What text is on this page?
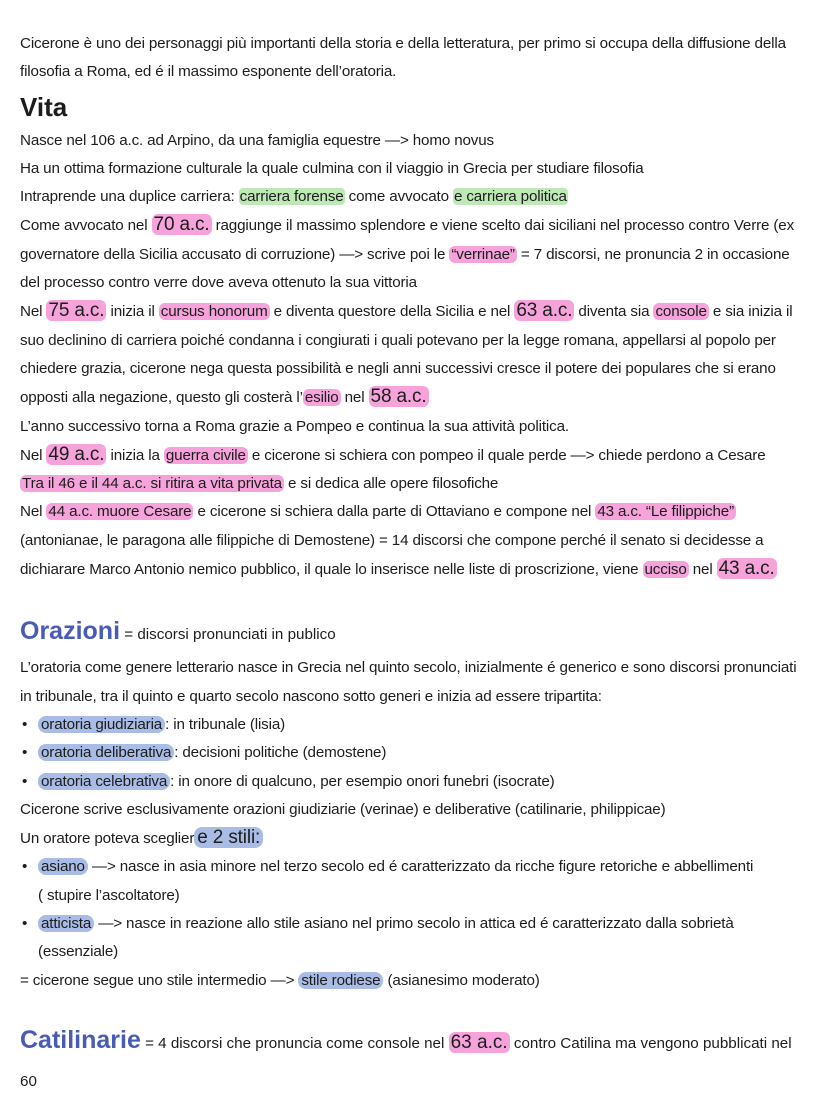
Cicerone è uno dei personaggi più importanti della storia e della letteratura, per primo si occupa della diffusione della filosofia a Roma, ed é il massimo esponente dell’oratoria.

Vita

Nasce nel 106 a.c. ad Arpino, da una famiglia equestre —> homo novus

Ha un ottima formazione culturale la quale culmina con il viaggio in Grecia per studiare filosofia

Intraprende una duplice carriera: carriera forense come avvocato e carriera politica

Come avvocato nel 70 a.c. raggiunge il massimo splendore e viene scelto dai siciliani nel processo contro Verre (ex governatore della Sicilia accusato di corruzione) —> scrive poi le “verrinae” = 7 discorsi, ne pronuncia 2 in occasione del processo contro verre dove aveva ottenuto la sua vittoria

Nel 75 a.c. inizia il cursus honorum e diventa questore della Sicilia e nel 63 a.c. diventa sia console e sia inizia il suo declinino di carriera poiché condanna i congiurati i quali potevano per la legge romana, appellarsi al popolo per chiedere grazia, cicerone nega questa possibilità e negli anni successivi cresce il potere dei populares che si erano opposti alla negazione, questo gli costerà l’ esilio nel 58 a.c.

L’anno successivo torna a Roma grazie a Pompeo e continua la sua attività politica.

Nel 49 a.c. inizia la guerra civile e cicerone si schiera con pompeo il quale perde —> chiede perdono a Cesare

Tra il 46 e il 44 a.c. si ritira a vita privata e si dedica alle opere filosofiche

Nel 44 a.c. muore Cesare e cicerone si schiera dalla parte di Ottaviano e compone nel 43 a.c. “Le filippiche” (antonianae, le paragona alle filippiche di Demostene) = 14 discorsi che compone perché il senato si decidesse a dichiarare Marco Antonio nemico pubblico, il quale lo inserisce nelle liste di proscrizione, viene ucciso nel 43 a.c.

Orazioni = discorsi pronunciati in publico

L’oratoria come genere letterario nasce in Grecia nel quinto secolo, inizialmente é generico e sono discorsi pronunciati in tribunale, tra il quinto e quarto secolo nascono sotto generi e inizia ad essere tripartita:

• oratoria giudiziaria : in tribunale (lisia)
• oratoria deliberativa : decisioni politiche (demostene)
• oratoria celebrativa : in onore di qualcuno, per esempio onori funebri (isocrate)

Cicerone scrive esclusivamente orazioni giudiziarie (verinae) e deliberative (catilinarie, philippicae)

Un oratore poteva sceglier e 2 stili:

• asiano —> nasce in asia minore nel terzo secolo ed é caratterizzato da ricche figure retoriche e abbellimenti
( stupire l’ascoltatore)
• atticista —> nasce in reazione allo stile asiano nel primo secolo in attica ed é caratterizzato dalla sobrietà
(essenziale)

= cicerone segue uno stile intermedio —> stile rodiese (asianesimo moderato)

Catilinarie = 4 discorsi che pronuncia come console nel 63 a.c. contro Catilina ma vengono pubblicati nel 60
